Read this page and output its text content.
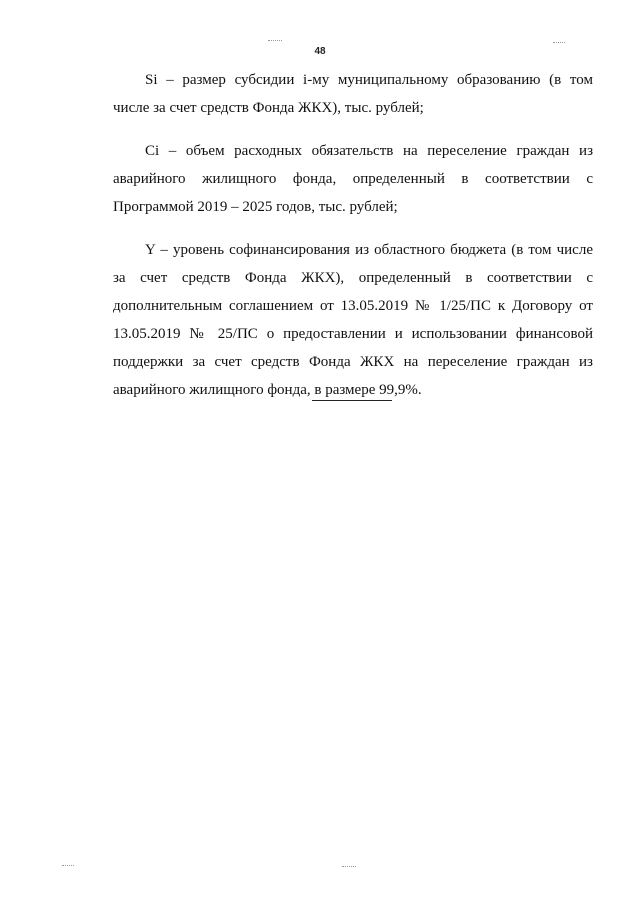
48

Si – размер субсидии i-му муниципальному образованию (в том числе за счет средств Фонда ЖКХ), тыс. рублей;

Ci – объем расходных обязательств на переселение граждан из аварийного жилищного фонда, определенный в соответствии с Программой 2019 – 2025 годов, тыс. рублей;

Y – уровень софинансирования из областного бюджета (в том числе за счет средств Фонда ЖКХ), определенный в соответствии с дополнительным соглашением от 13.05.2019 № 1/25/ПС к Договору от 13.05.2019 № 25/ПС о предоставлении и использовании финансовой поддержки за счет средств Фонда ЖКХ на переселение граждан из аварийного жилищного фонда, в размере 99,9%.
